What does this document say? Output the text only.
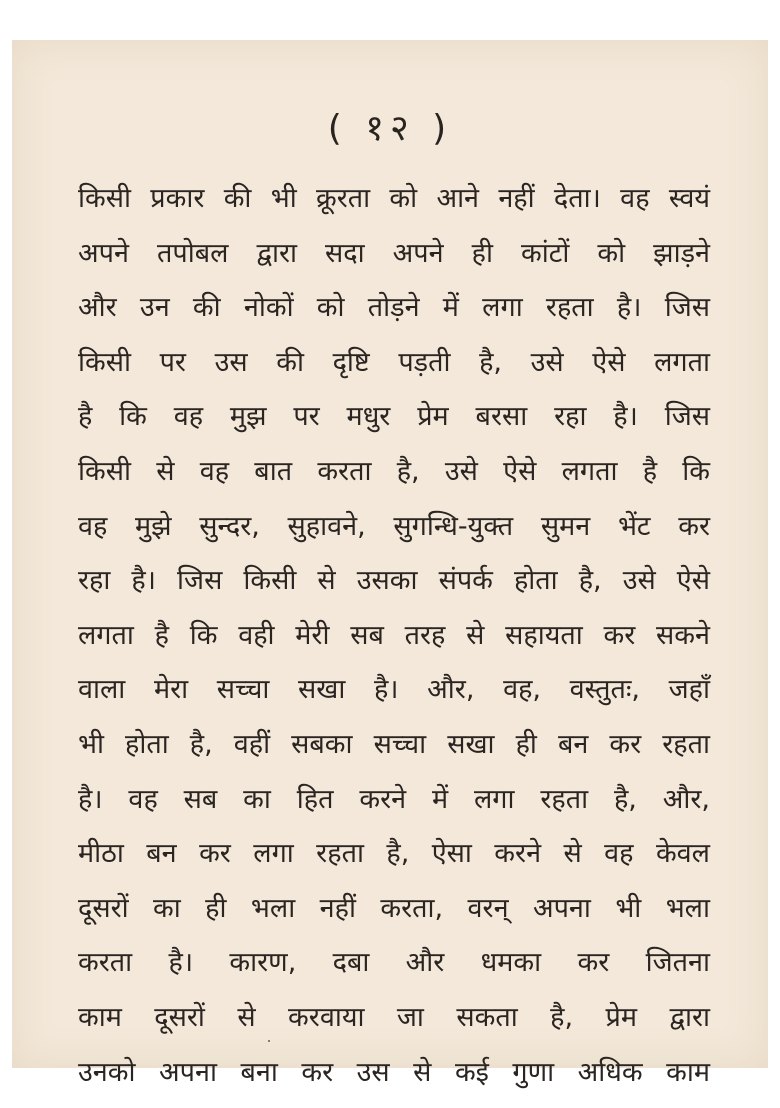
( १२ )
किसी प्रकार की भी क्रूरता को आने नहीं देता। वह स्वयं
अपने तपोबल द्वारा सदा अपने ही कांटों को झाड़ने
और उन की नोकों को तोड़ने में लगा रहता है। जिस
किसी पर उस की दृष्टि पड़ती है, उसे ऐसे लगता
है कि वह मुझ पर मधुर प्रेम बरसा रहा है। जिस
किसी से वह बात करता है, उसे ऐसे लगता है कि
वह मुझे सुन्दर, सुहावने, सुगन्धि-युक्त सुमन भेंट कर
रहा है। जिस किसी से उसका संपर्क होता है, उसे ऐसे
लगता है कि वही मेरी सब तरह से सहायता कर सकने
वाला मेरा सच्चा सखा है। और, वह, वस्तुतः, जहाँ
भी होता है, वहीं सबका सच्चा सखा ही बन कर रहता
है। वह सब का हित करने में लगा रहता है, और,
मीठा बन कर लगा रहता है, ऐसा करने से वह केवल
दूसरों का ही भला नहीं करता, वरन् अपना भी भला
करता है। कारण, दबा और धमका कर जितना
काम दूसरों से करवाया जा सकता है, प्रेम द्वारा
उनको अपना बना कर उस से कई गुणा अधिक काम
